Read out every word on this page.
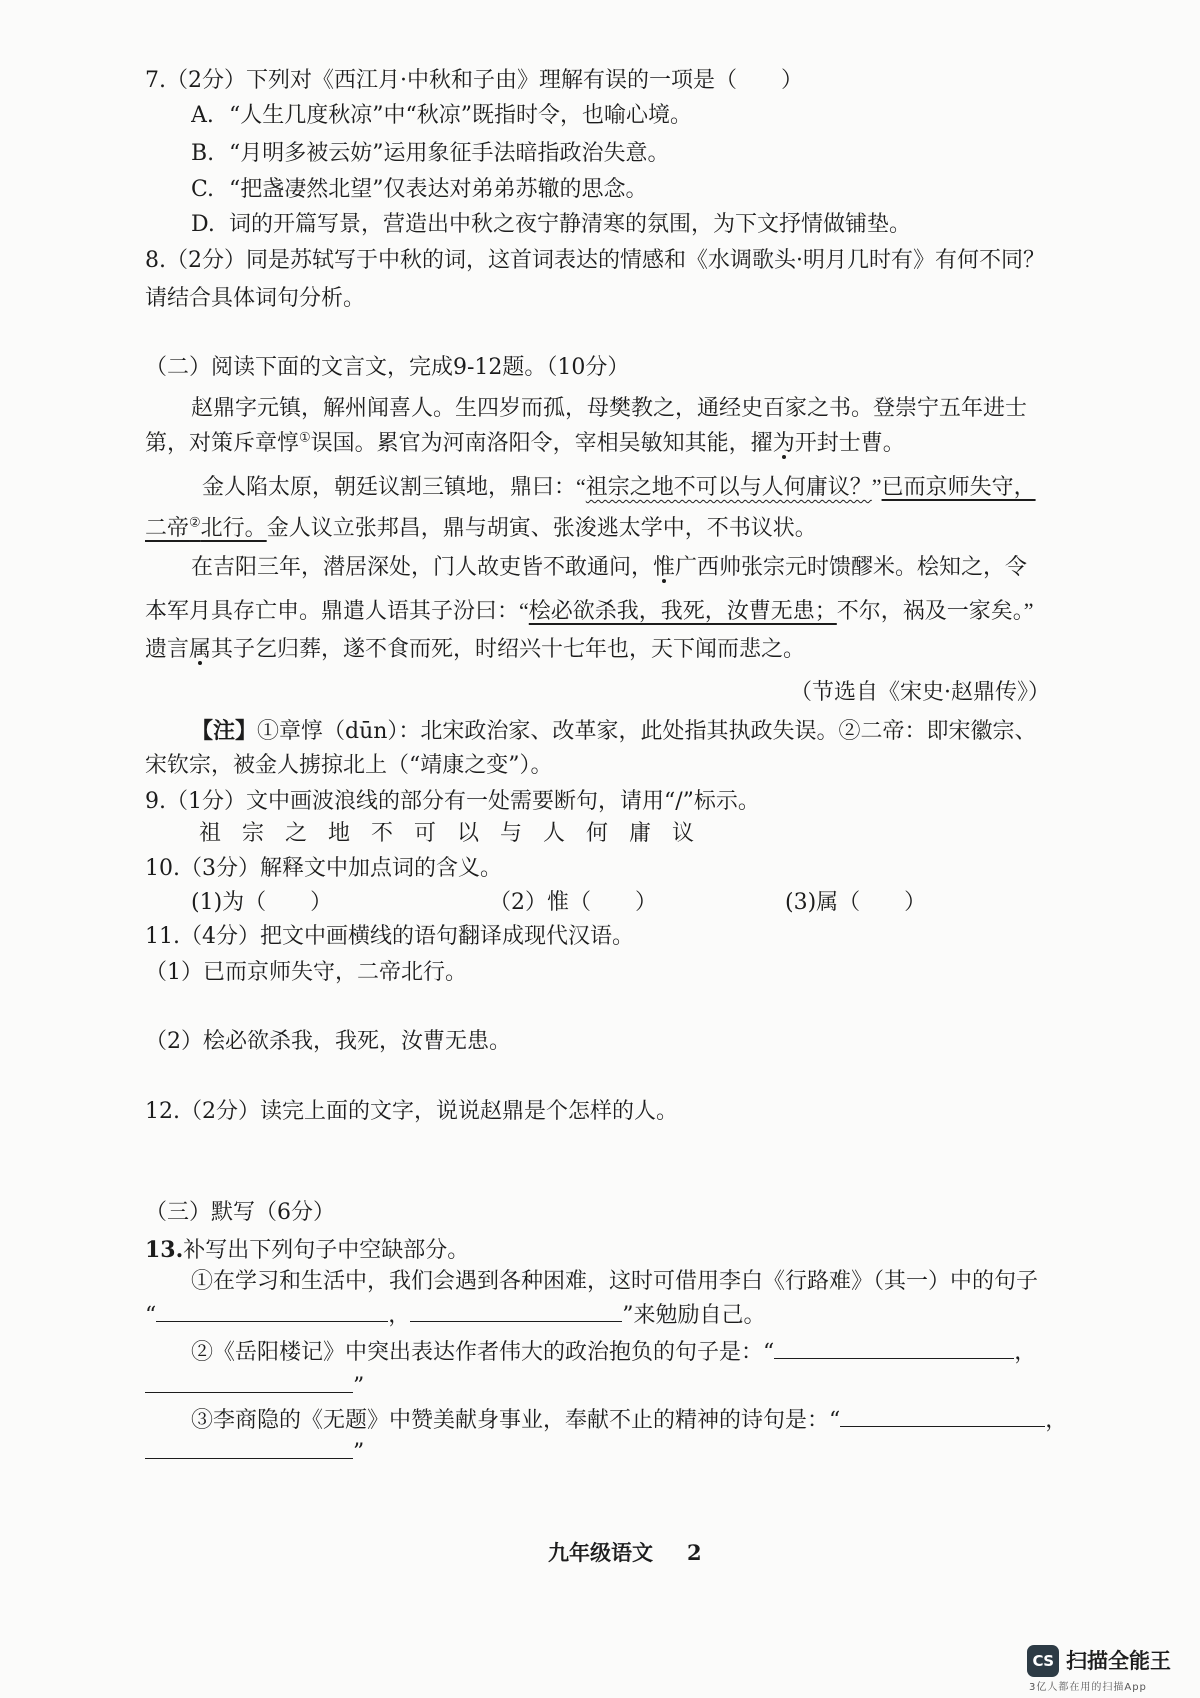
7.（2分）下列对《西江月·中秋和子由》理解有误的一项是（　　）
A. “人生几度秋凉”中“秋凉”既指时令，也喻心境。
B. “月明多被云妨”运用象征手法暗指政治失意。
C. “把盏凄然北望”仅表达对弟弟苏辙的思念。
D. 词的开篇写景，营造出中秋之夜宁静清寒的氛围，为下文抒情做铺垫。
8.（2分）同是苏轼写于中秋的词，这首词表达的情感和《水调歌头·明月几时有》有何不同？
请结合具体词句分析。
（二）阅读下面的文言文，完成9-12题。（10分）
赵鼎字元镇，解州闻喜人。生四岁而孤，母樊教之，通经史百家之书。登崇宁五年进士
第，对策斥章惇①误国。累官为河南洛阳令，宰相吴敏知其能，擢为开封士曹。
金人陷太原，朝廷议割三镇地，鼎曰：“祖宗之地不可以与人何庸议？”已而京师失守，
二帝②北行。金人议立张邦昌，鼎与胡寅、张浚逃太学中，不书议状。
在吉阳三年，潜居深处，门人故吏皆不敢通问，惟广西帅张宗元时馈醪米。桧知之，令
本军月具存亡申。鼎遣人语其子汾曰：“桧必欲杀我，我死，汝曹无患；不尔，祸及一家矣。”
遗言属其子乞归葬，遂不食而死，时绍兴十七年也，天下闻而悲之。
（节选自《宋史·赵鼎传》）
【注】①章惇（dūn）：北宋政治家、改革家，此处指其执政失误。②二帝：即宋徽宗、
宋钦宗，被金人掳掠北上（“靖康之变”）。
9.（1分）文中画波浪线的部分有一处需要断句，请用“/”标示。
祖 宗 之 地 不 可 以 与 人 何 庸 议
10.（3分）解释文中加点词的含义。
(1)为（　　）	（2）惟（　　）	(3)属（　　）
11.（4分）把文中画横线的语句翻译成现代汉语。
（1）已而京师失守，二帝北行。
（2）桧必欲杀我，我死，汝曹无患。
12.（2分）读完上面的文字，说说赵鼎是个怎样的人。
（三）默写（6分）
13.补写出下列句子中空缺部分。
①在学习和生活中，我们会遇到各种困难，这时可借用李白《行路难》（其一）中的句子
“	，	”来勉励自己。
②《岳阳楼记》中突出表达作者伟大的政治抱负的句子是：“	，
”
③李商隐的《无题》中赞美献身事业，奉献不止的精神的诗句是：“	，
”
九年级语文 2
CS 扫描全能王
3亿人都在用的扫描App
